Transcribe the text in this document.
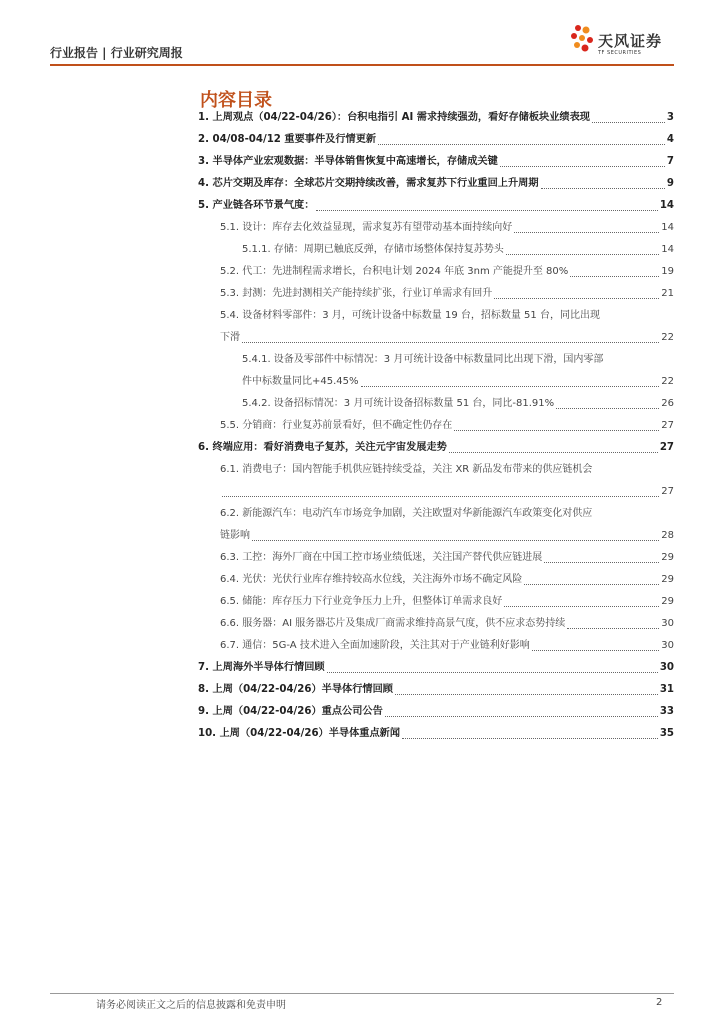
行业报告 | 行业研究周报
天风证券
TF SECURITIES
内容目录
1. 上周观点（04/22-04/26）：台积电指引 AI 需求持续强劲，看好存储板块业绩表现	3
2. 04/08-04/12 重要事件及行情更新	4
3. 半导体产业宏观数据：半导体销售恢复中高速增长，存储成关键	7
4. 芯片交期及库存：全球芯片交期持续改善，需求复苏下行业重回上升周期	9
5. 产业链各环节景气度：	14
5.1. 设计：库存去化效益显现，需求复苏有望带动基本面持续向好	14
5.1.1. 存储：周期已触底反弹，存储市场整体保持复苏势头	14
5.2. 代工：先进制程需求增长，台积电计划 2024 年底 3nm 产能提升至 80%	19
5.3. 封测：先进封测相关产能持续扩张，行业订单需求有回升	21
5.4. 设备材料零部件：3 月，可统计设备中标数量 19 台，招标数量 51 台，同比出现
下滑	22
5.4.1. 设备及零部件中标情况：3 月可统计设备中标数量同比出现下滑，国内零部
件中标数量同比+45.45%	22
5.4.2. 设备招标情况：3 月可统计设备招标数量 51 台，同比-81.91%	26
5.5. 分销商：行业复苏前景看好，但不确定性仍存在	27
6. 终端应用：看好消费电子复苏，关注元宇宙发展走势	27
6.1. 消费电子：国内智能手机供应链持续受益，关注 XR 新品发布带来的供应链机会
27
6.2. 新能源汽车：电动汽车市场竞争加剧，关注欧盟对华新能源汽车政策变化对供应
链影响	28
6.3. 工控：海外厂商在中国工控市场业绩低迷，关注国产替代供应链进展	29
6.4. 光伏：光伏行业库存维持较高水位线，关注海外市场不确定风险	29
6.5. 储能：库存压力下行业竞争压力上升，但整体订单需求良好	29
6.6. 服务器：AI 服务器芯片及集成厂商需求维持高景气度，供不应求态势持续	30
6.7. 通信：5G-A 技术进入全面加速阶段，关注其对于产业链利好影响	30
7. 上周海外半导体行情回顾	30
8. 上周（04/22-04/26）半导体行情回顾	31
9. 上周（04/22-04/26）重点公司公告	33
10. 上周（04/22-04/26）半导体重点新闻	35
请务必阅读正文之后的信息披露和免责申明	2
